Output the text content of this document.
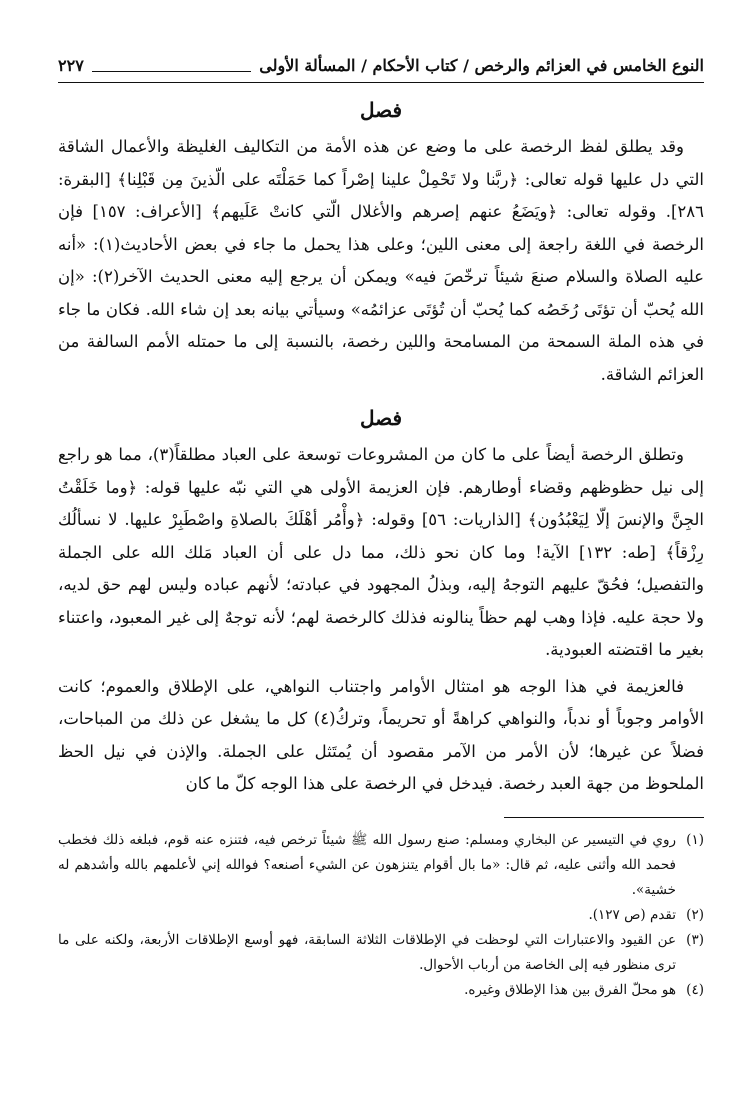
النوع الخامس في العزائم والرخص / كتاب الأحكام / المسألة الأولى
٢٢٧
فصل

وقد يطلق لفظ الرخصة على ما وضع عن هذه الأمة من التكاليف الغليظة والأعمال الشاقة التي دل عليها قوله تعالى: ﴿ربَّنا ولا تَحْمِلْ علينا إصْراً كما حَمَلْتَه على الّذينَ مِن قَبْلِنا﴾ [البقرة: ٢٨٦]. وقوله تعالى: ﴿ويَضَعُ عنهم إصرهم والأغلال الّتي كانتْ عَلَيهم﴾ [الأعراف: ١٥٧] فإن الرخصة في اللغة راجعة إلى معنى اللين؛ وعلى هذا يحمل ما جاء في بعض الأحاديث(١): «أنه عليه الصلاة والسلام صنعَ شيئاً ترخّصَ فيه» ويمكن أن يرجع إليه معنى الحديث الآخر(٢): «إن الله يُحبّ أن تؤتَى رُخَصُه كما يُحبّ أن تُؤتَى عزائمُه» وسيأتي بيانه بعد إن شاء الله. فكان ما جاء في هذه الملة السمحة من المسامحة واللين رخصة، بالنسبة إلى ما حمتله الأمم السالفة من العزائم الشاقة.

فصل

وتطلق الرخصة أيضاً على ما كان من المشروعات توسعة على العباد مطلقاً(٣)، مما هو راجع إلى نيل حظوظهم وقضاء أوطارهم. فإن العزيمة الأولى هي التي نبّه عليها قوله: ﴿وما خَلَقْتُ الجِنَّ والإنسَ إلّا لِيَعْبُدُون﴾ [الذاريات: ٥٦] وقوله: ﴿وأْمُر أهْلَكَ بالصلاةِ واصْطَبِرْ عليها. لا نسألُك رِزْقاً﴾ [طه: ١٣٢] الآية! وما كان نحو ذلك، مما دل على أن العباد مَلك الله على الجملة والتفصيل؛ فحُقّ عليهم التوجهُ إليه، وبذلُ المجهود في عبادته؛ لأنهم عباده وليس لهم حق لديه، ولا حجة عليه. فإذا وهب لهم حظاً ينالونه فذلك كالرخصة لهم؛ لأنه توجهٌ إلى غير المعبود، واعتناء بغير ما اقتضته العبودية.

فالعزيمة في هذا الوجه هو امتثال الأوامر واجتناب النواهي، على الإطلاق والعموم؛ كانت الأوامر وجوباً أو ندباً، والنواهي كراهةً أو تحريماً، وتركُ(٤) كل ما يشغل عن ذلك من المباحات، فضلاً عن غيرها؛ لأن الأمر من الآمر مقصود أن يُمتَثل على الجملة. والإذن في نيل الحظ الملحوظ من جهة العبد رخصة. فيدخل في الرخصة على هذا الوجه كلّ ما كان

(١)
روي في التيسير عن البخاري ومسلم: صنع رسول الله ﷺ شيئاً ترخص فيه، فتنزه عنه قوم، فبلغه ذلك فخطب فحمد الله وأثنى عليه، ثم قال: «ما بال أقوام يتنزهون عن الشيء أصنعه؟ فوالله إني لأعلمهم بالله وأشدهم له خشية».

(٢)
تقدم (ص ١٢٧).

(٣)
عن القيود والاعتبارات التي لوحظت في الإطلاقات الثلاثة السابقة، فهو أوسع الإطلاقات الأربعة، ولكنه على ما ترى منظور فيه إلى الخاصة من أرباب الأحوال.

(٤)
هو محلّ الفرق بين هذا الإطلاق وغيره.
